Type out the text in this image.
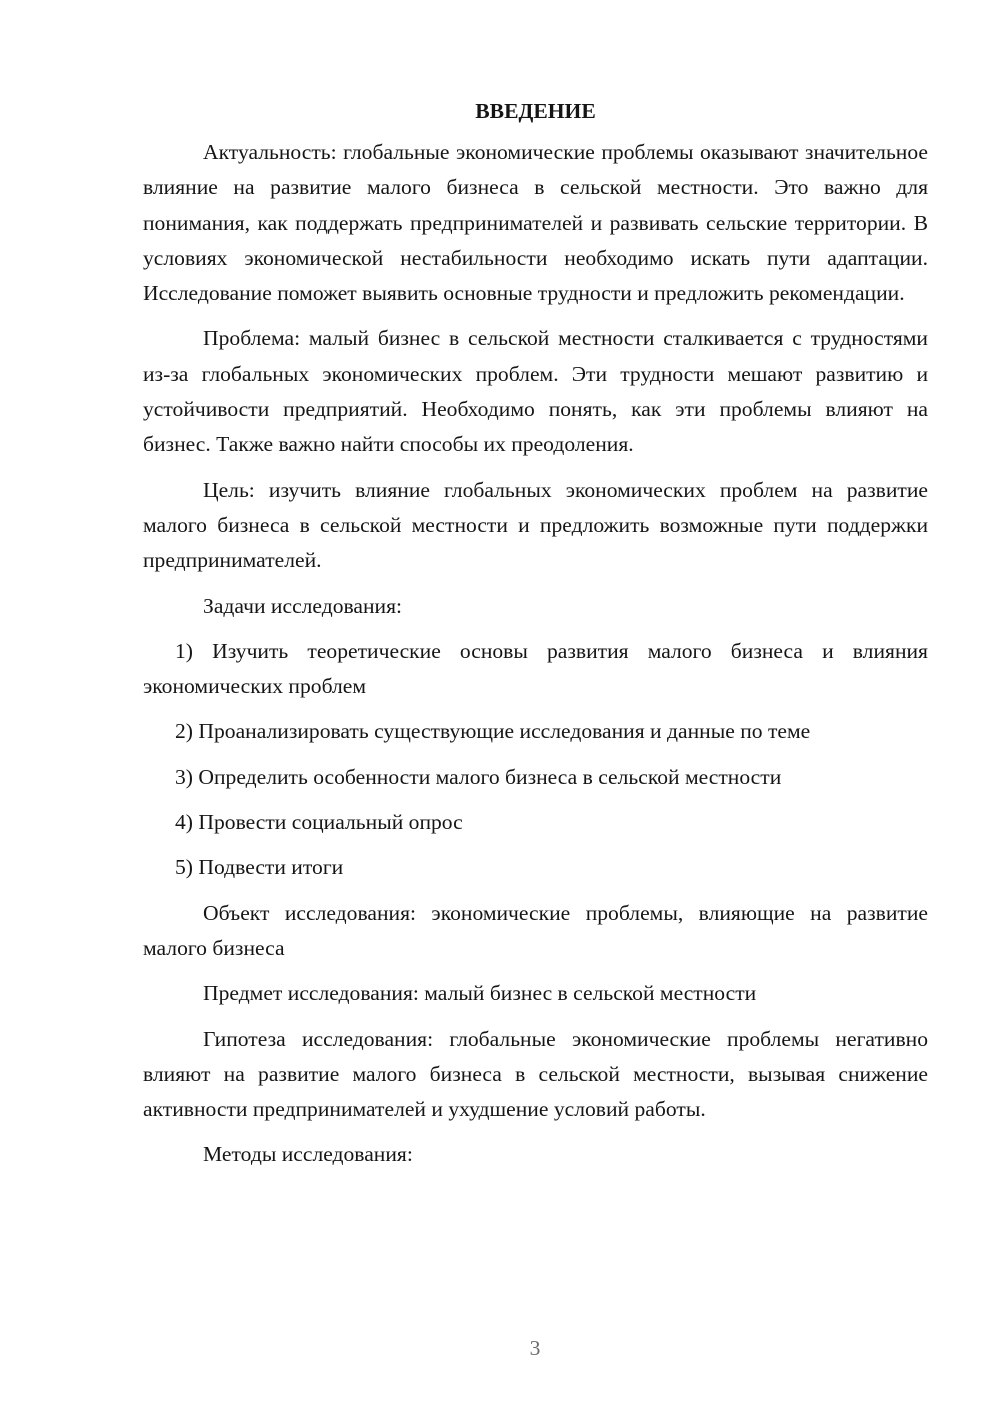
ВВЕДЕНИЕ

Актуальность: глобальные экономические проблемы оказывают значительное влияние на развитие малого бизнеса в сельской местности. Это важно для понимания, как поддержать предпринимателей и развивать сельские территории. В условиях экономической нестабильности необходимо искать пути адаптации. Исследование поможет выявить основные трудности и предложить рекомендации.

Проблема: малый бизнес в сельской местности сталкивается с трудностями из-за глобальных экономических проблем. Эти трудности мешают развитию и устойчивости предприятий. Необходимо понять, как эти проблемы влияют на бизнес. Также важно найти способы их преодоления.

Цель: изучить влияние глобальных экономических проблем на развитие малого бизнеса в сельской местности и предложить возможные пути поддержки предпринимателей.

Задачи исследования:

1) Изучить теоретические основы развития малого бизнеса и влияния экономических проблем

2) Проанализировать существующие исследования и данные по теме

3) Определить особенности малого бизнеса в сельской местности

4) Провести социальный опрос

5) Подвести итоги

Объект исследования: экономические проблемы, влияющие на развитие малого бизнеса

Предмет исследования: малый бизнес в сельской местности

Гипотеза исследования: глобальные экономические проблемы негативно влияют на развитие малого бизнеса в сельской местности, вызывая снижение активности предпринимателей и ухудшение условий работы.

Методы исследования:

3
